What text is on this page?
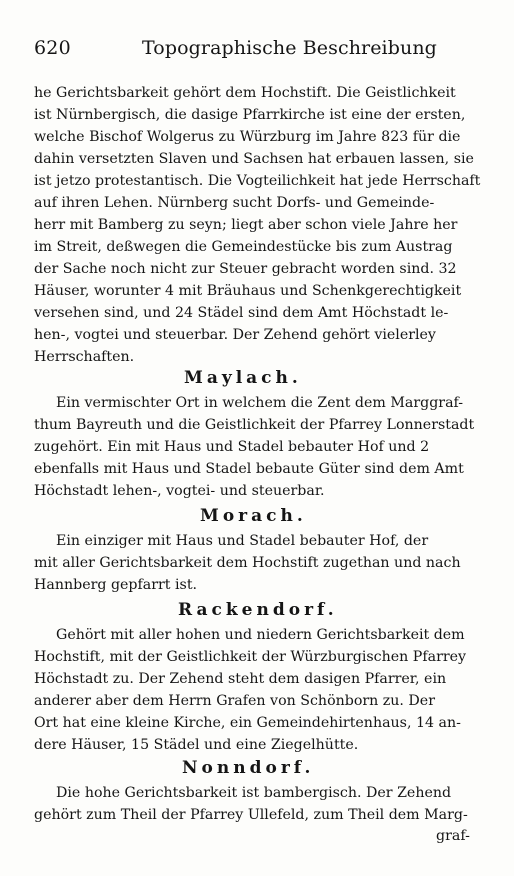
620	Topographische Beschreibung
he Gerichtsbarkeit gehört dem Hochstift. Die Geistlichkeit
ist Nürnbergisch, die dasige Pfarrkirche ist eine der ersten,
welche Bischof Wolgerus zu Würzburg im Jahre 823 für die
dahin versetzten Slaven und Sachsen hat erbauen lassen, sie
ist jetzo protestantisch. Die Vogteilichkeit hat jede Herrschaft
auf ihren Lehen. Nürnberg sucht Dorfs- und Gemeinde-
herr mit Bamberg zu seyn; liegt aber schon viele Jahre her
im Streit, deßwegen die Gemeindestücke bis zum Austrag
der Sache noch nicht zur Steuer gebracht worden sind. 32
Häuser, worunter 4 mit Bräuhaus und Schenkgerechtigkeit
versehen sind, und 24 Städel sind dem Amt Höchstadt le-
hen-, vogtei und steuerbar. Der Zehend gehört vielerley
Herrschaften.
Maylach.
Ein vermischter Ort in welchem die Zent dem Marggraf-
thum Bayreuth und die Geistlichkeit der Pfarrey Lonnerstadt
zugehört. Ein mit Haus und Stadel bebauter Hof und 2
ebenfalls mit Haus und Stadel bebaute Güter sind dem Amt
Höchstadt lehen-, vogtei- und steuerbar.
Morach.
Ein einziger mit Haus und Stadel bebauter Hof, der
mit aller Gerichtsbarkeit dem Hochstift zugethan und nach
Hannberg gepfarrt ist.
Rackendorf.
Gehört mit aller hohen und niedern Gerichtsbarkeit dem
Hochstift, mit der Geistlichkeit der Würzburgischen Pfarrey
Höchstadt zu. Der Zehend steht dem dasigen Pfarrer, ein
anderer aber dem Herrn Grafen von Schönborn zu. Der
Ort hat eine kleine Kirche, ein Gemeindehirtenhaus, 14 an-
dere Häuser, 15 Städel und eine Ziegelhütte.
Nonndorf.
Die hohe Gerichtsbarkeit ist bambergisch. Der Zehend
gehört zum Theil der Pfarrey Ullefeld, zum Theil dem Marg-
graf-
